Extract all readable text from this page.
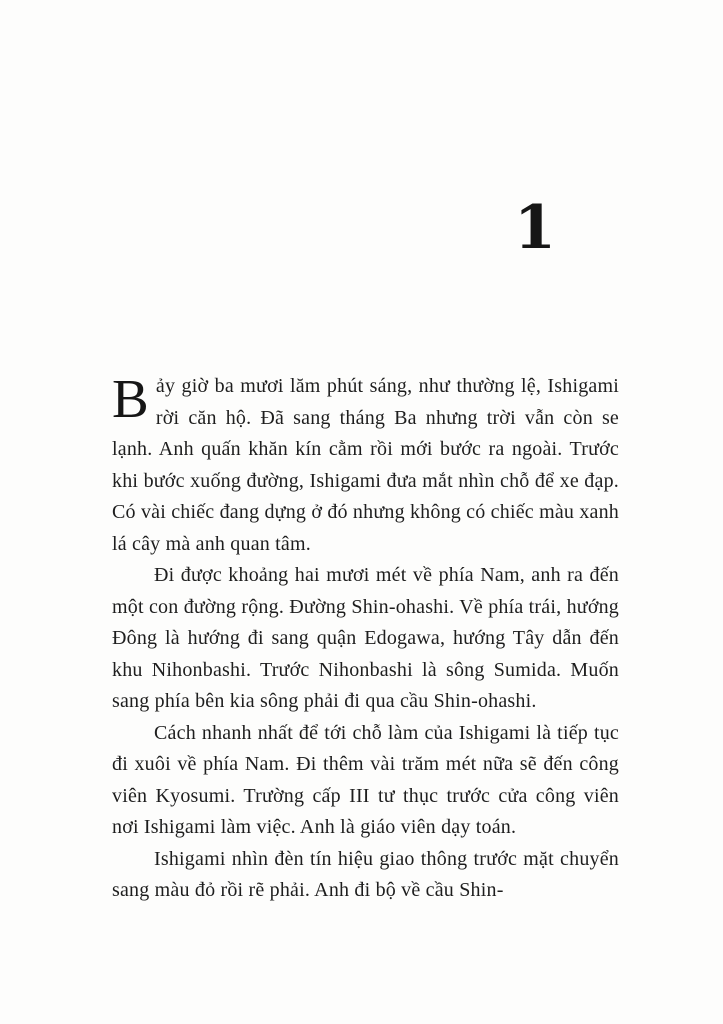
1

Bảy giờ ba mươi lăm phút sáng, như thường lệ, Ishigami rời căn hộ. Đã sang tháng Ba nhưng trời vẫn còn se lạnh. Anh quấn khăn kín cằm rồi mới bước ra ngoài. Trước khi bước xuống đường, Ishigami đưa mắt nhìn chỗ để xe đạp. Có vài chiếc đang dựng ở đó nhưng không có chiếc màu xanh lá cây mà anh quan tâm.

Đi được khoảng hai mươi mét về phía Nam, anh ra đến một con đường rộng. Đường Shin-ohashi. Về phía trái, hướng Đông là hướng đi sang quận Edogawa, hướng Tây dẫn đến khu Nihonbashi. Trước Nihonbashi là sông Sumida. Muốn sang phía bên kia sông phải đi qua cầu Shin-ohashi.

Cách nhanh nhất để tới chỗ làm của Ishigami là tiếp tục đi xuôi về phía Nam. Đi thêm vài trăm mét nữa sẽ đến công viên Kyosumi. Trường cấp III tư thục trước cửa công viên nơi Ishigami làm việc. Anh là giáo viên dạy toán.

Ishigami nhìn đèn tín hiệu giao thông trước mặt chuyển sang màu đỏ rồi rẽ phải. Anh đi bộ về cầu Shin-
